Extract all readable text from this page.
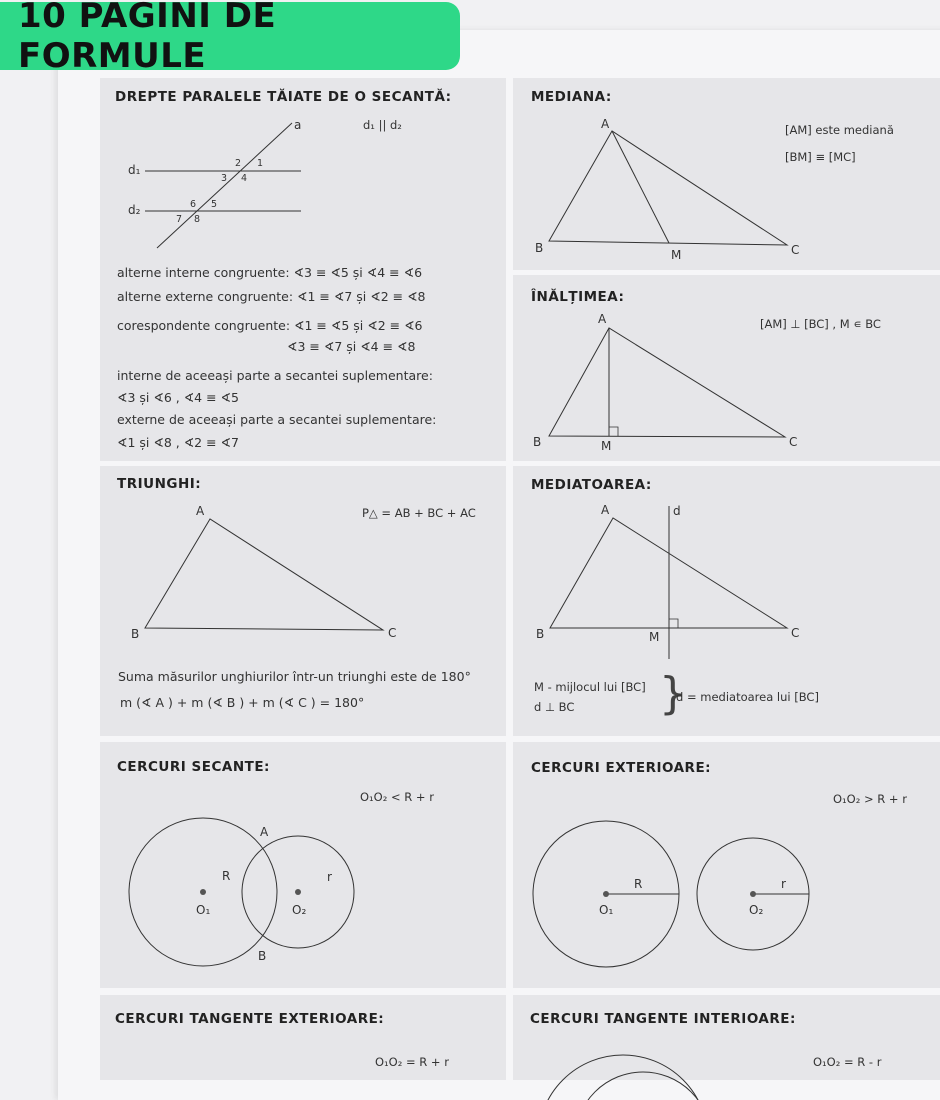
10 PAGINI DE FORMULE
DREPTE PARALELE TĂIATE DE O SECANTĂ:
d₁ || d₂
a
d₁
d₂
2 1
3 4
6 5
7 8
alterne interne congruente: ∢3 ≡ ∢5 și ∢4 ≡ ∢6
alterne externe congruente: ∢1 ≡ ∢7 și ∢2 ≡ ∢8
corespondente congruente: ∢1 ≡ ∢5 și ∢2 ≡ ∢6
∢3 ≡ ∢7 și ∢4 ≡ ∢8
interne de aceeași parte a secantei suplementare:
∢3 și ∢6 , ∢4 ≡ ∢5
externe de aceeași parte a secantei suplementare:
∢1 și ∢8 , ∢2 ≡ ∢7
MEDIANA:
[AM] este mediană
[BM] ≡ [MC]
A
B	C
M
ÎNĂLȚIMEA:
[AM] ⊥ [BC] , M ∊ BC
A
B	C
M
TRIUNGHI:
P△ = AB + BC + AC
A
B	C
Suma măsurilor unghiurilor într-un triunghi este de 180°
m (∢ A ) + m (∢ B ) + m (∢ C ) = 180°
MEDIATOAREA:
A
B	C
M
d
M - mijlocul lui [BC]
d ⊥ BC }
d = mediatoarea lui [BC]
CERCURI SECANTE:
O₁O₂ < R + r
A
B
R	r
O₁	O₂
CERCURI EXTERIOARE:
O₁O₂ > R + r
R	r
O₁	O₂
CERCURI TANGENTE EXTERIOARE:
O₁O₂ = R + r
CERCURI TANGENTE INTERIOARE:
O₁O₂ = R - r
